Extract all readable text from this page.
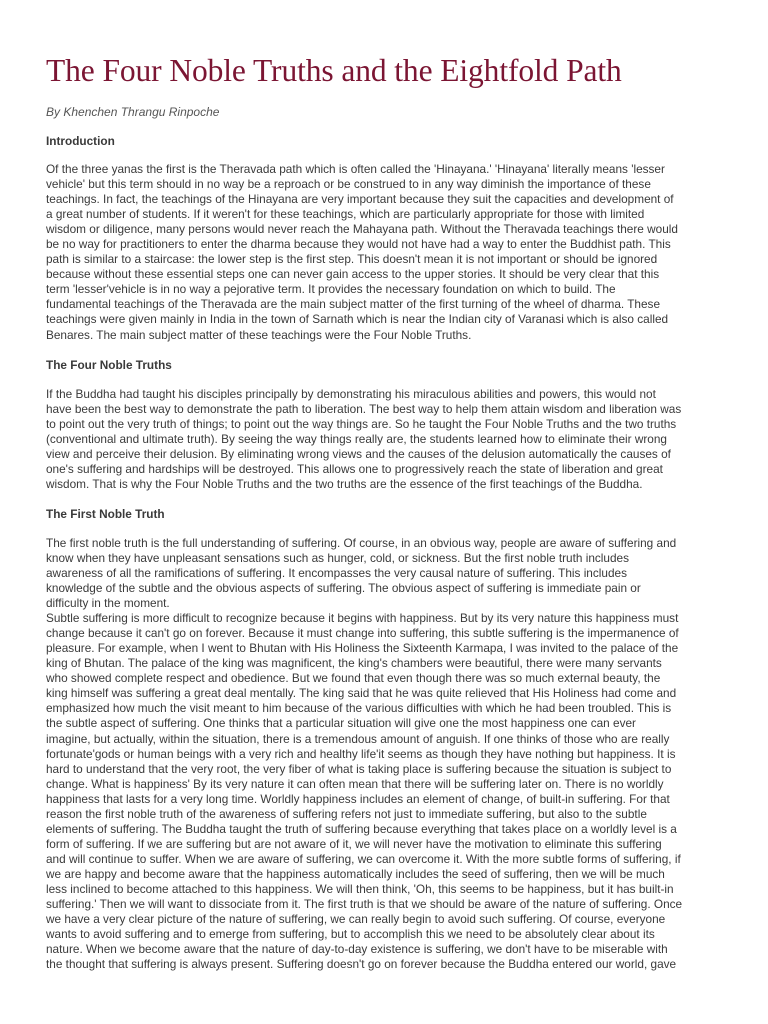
The Four Noble Truths and the Eightfold Path
By Khenchen Thrangu Rinpoche
Introduction

Of the three yanas the first is the Theravada path which is often called the 'Hinayana.' 'Hinayana' literally means 'lesser
vehicle' but this term should in no way be a reproach or be construed to in any way diminish the importance of these
teachings. In fact, the teachings of the Hinayana are very important because they suit the capacities and development of
a great number of students. If it weren't for these teachings, which are particularly appropriate for those with limited
wisdom or diligence, many persons would never reach the Mahayana path. Without the Theravada teachings there would
be no way for practitioners to enter the dharma because they would not have had a way to enter the Buddhist path. This
path is similar to a staircase: the lower step is the first step. This doesn't mean it is not important or should be ignored
because without these essential steps one can never gain access to the upper stories. It should be very clear that this
term 'lesser'vehicle is in no way a pejorative term. It provides the necessary foundation on which to build. The
fundamental teachings of the Theravada are the main subject matter of the first turning of the wheel of dharma. These
teachings were given mainly in India in the town of Sarnath which is near the Indian city of Varanasi which is also called
Benares. The main subject matter of these teachings were the Four Noble Truths.

The Four Noble Truths

If the Buddha had taught his disciples principally by demonstrating his miraculous abilities and powers, this would not
have been the best way to demonstrate the path to liberation. The best way to help them attain wisdom and liberation was
to point out the very truth of things; to point out the way things are. So he taught the Four Noble Truths and the two truths
(conventional and ultimate truth). By seeing the way things really are, the students learned how to eliminate their wrong
view and perceive their delusion. By eliminating wrong views and the causes of the delusion automatically the causes of
one's suffering and hardships will be destroyed. This allows one to progressively reach the state of liberation and great
wisdom. That is why the Four Noble Truths and the two truths are the essence of the first teachings of the Buddha.

The First Noble Truth

The first noble truth is the full understanding of suffering. Of course, in an obvious way, people are aware of suffering and
know when they have unpleasant sensations such as hunger, cold, or sickness. But the first noble truth includes
awareness of all the ramifications of suffering. It encompasses the very causal nature of suffering. This includes
knowledge of the subtle and the obvious aspects of suffering. The obvious aspect of suffering is immediate pain or
difficulty in the moment.
Subtle suffering is more difficult to recognize because it begins with happiness. But by its very nature this happiness must
change because it can't go on forever. Because it must change into suffering, this subtle suffering is the impermanence of
pleasure. For example, when I went to Bhutan with His Holiness the Sixteenth Karmapa, I was invited to the palace of the
king of Bhutan. The palace of the king was magnificent, the king's chambers were beautiful, there were many servants
who showed complete respect and obedience. But we found that even though there was so much external beauty, the
king himself was suffering a great deal mentally. The king said that he was quite relieved that His Holiness had come and
emphasized how much the visit meant to him because of the various difficulties with which he had been troubled. This is
the subtle aspect of suffering. One thinks that a particular situation will give one the most happiness one can ever
imagine, but actually, within the situation, there is a tremendous amount of anguish. If one thinks of those who are really
fortunate'gods or human beings with a very rich and healthy life'it seems as though they have nothing but happiness. It is
hard to understand that the very root, the very fiber of what is taking place is suffering because the situation is subject to
change. What is happiness' By its very nature it can often mean that there will be suffering later on. There is no worldly
happiness that lasts for a very long time. Worldly happiness includes an element of change, of built-in suffering. For that
reason the first noble truth of the awareness of suffering refers not just to immediate suffering, but also to the subtle
elements of suffering. The Buddha taught the truth of suffering because everything that takes place on a worldly level is a
form of suffering. If we are suffering but are not aware of it, we will never have the motivation to eliminate this suffering
and will continue to suffer. When we are aware of suffering, we can overcome it. With the more subtle forms of suffering, if
we are happy and become aware that the happiness automatically includes the seed of suffering, then we will be much
less inclined to become attached to this happiness. We will then think, 'Oh, this seems to be happiness, but it has built-in
suffering.' Then we will want to dissociate from it. The first truth is that we should be aware of the nature of suffering. Once
we have a very clear picture of the nature of suffering, we can really begin to avoid such suffering. Of course, everyone
wants to avoid suffering and to emerge from suffering, but to accomplish this we need to be absolutely clear about its
nature. When we become aware that the nature of day-to-day existence is suffering, we don't have to be miserable with
the thought that suffering is always present. Suffering doesn't go on forever because the Buddha entered our world, gave
